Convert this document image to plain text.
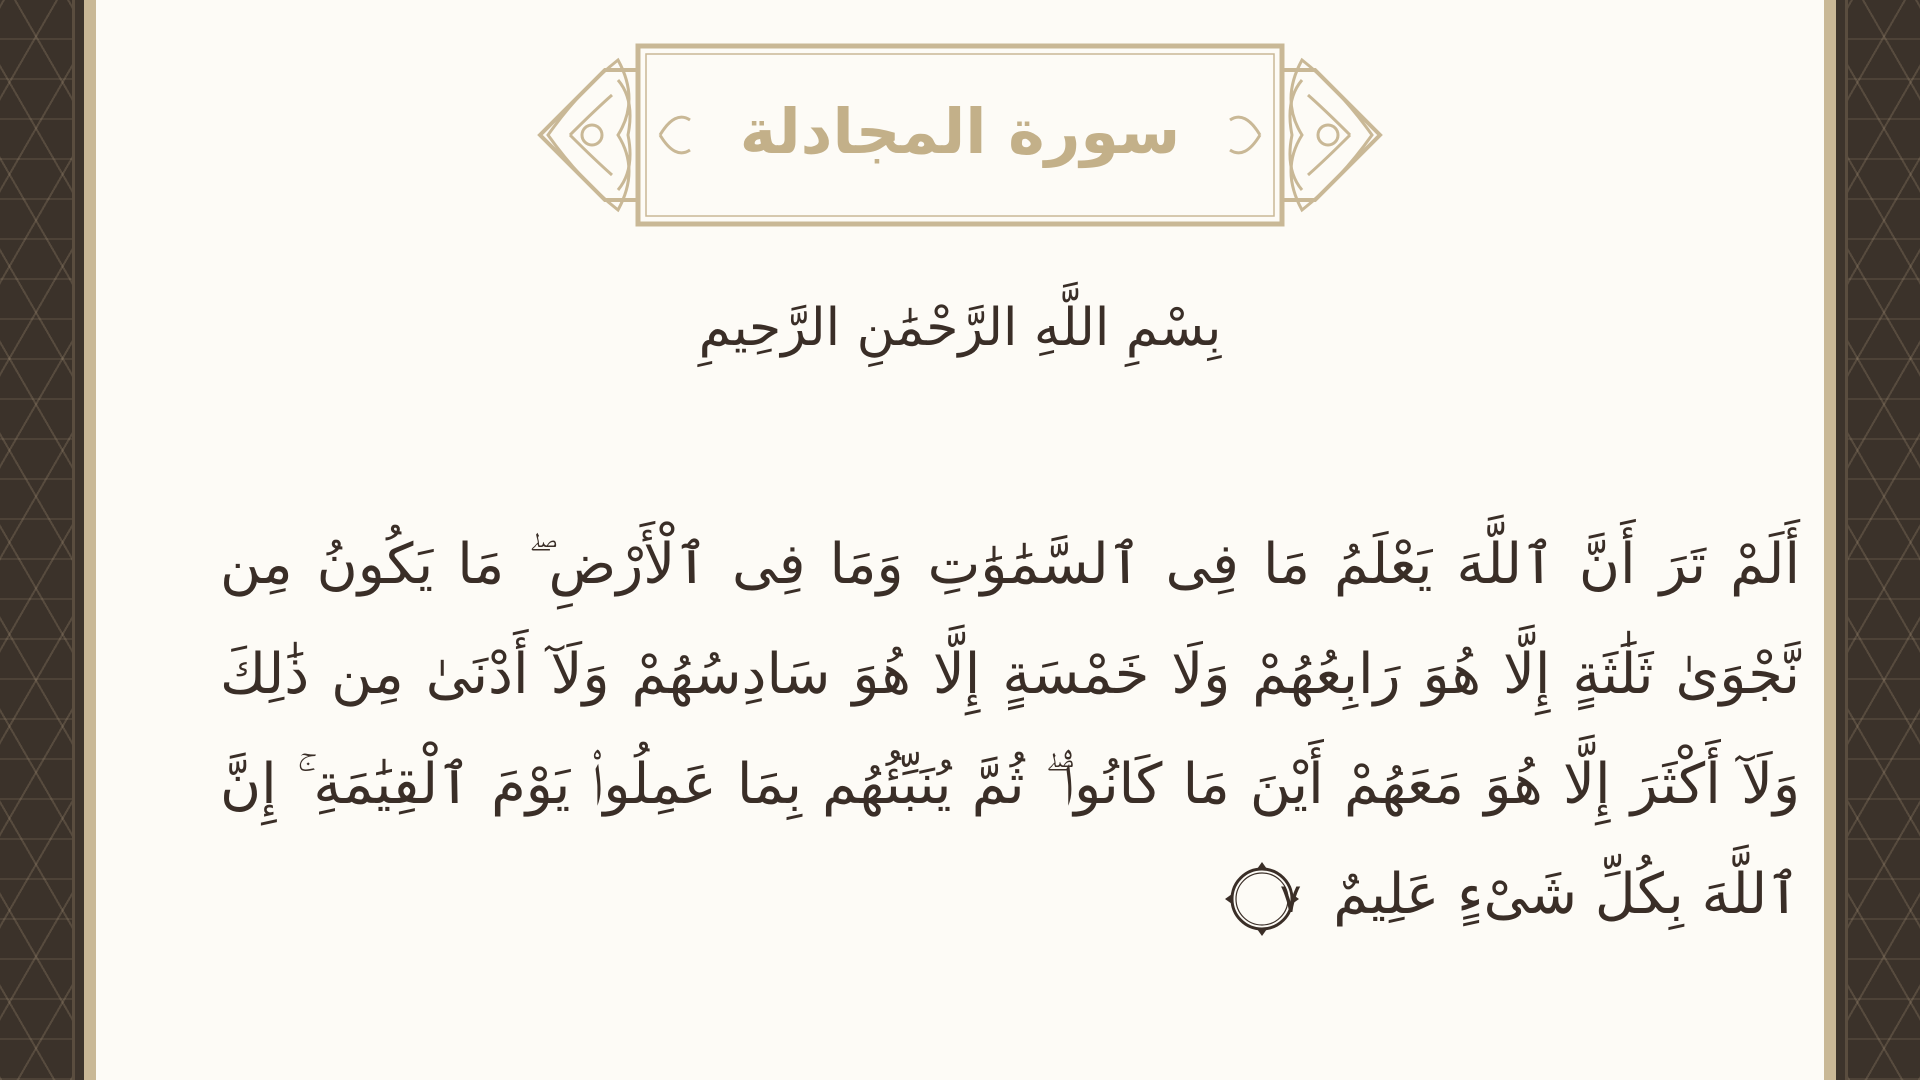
سورة المجادلة
بِسْمِ اللَّهِ الرَّحْمَٰنِ الرَّحِيمِ
أَلَمْ تَرَ أَنَّ ٱللَّهَ يَعْلَمُ مَا فِى ٱلسَّمَٰوَٰتِ وَمَا فِى ٱلْأَرْضِ ۖ مَا يَكُونُ مِن نَّجْوَىٰ ثَلَٰثَةٍ إِلَّا هُوَ رَابِعُهُمْ وَلَا خَمْسَةٍ إِلَّا هُوَ سَادِسُهُمْ وَلَآ أَدْنَىٰ مِن ذَٰلِكَ وَلَآ أَكْثَرَ إِلَّا هُوَ مَعَهُمْ أَيْنَ مَا كَانُوا۟ ۖ ثُمَّ يُنَبِّئُهُم بِمَا عَمِلُوا۟ يَوْمَ ٱلْقِيَٰمَةِ ۚ إِنَّ ٱللَّهَ بِكُلِّ شَىْءٍ عَلِيمٌ
٧
